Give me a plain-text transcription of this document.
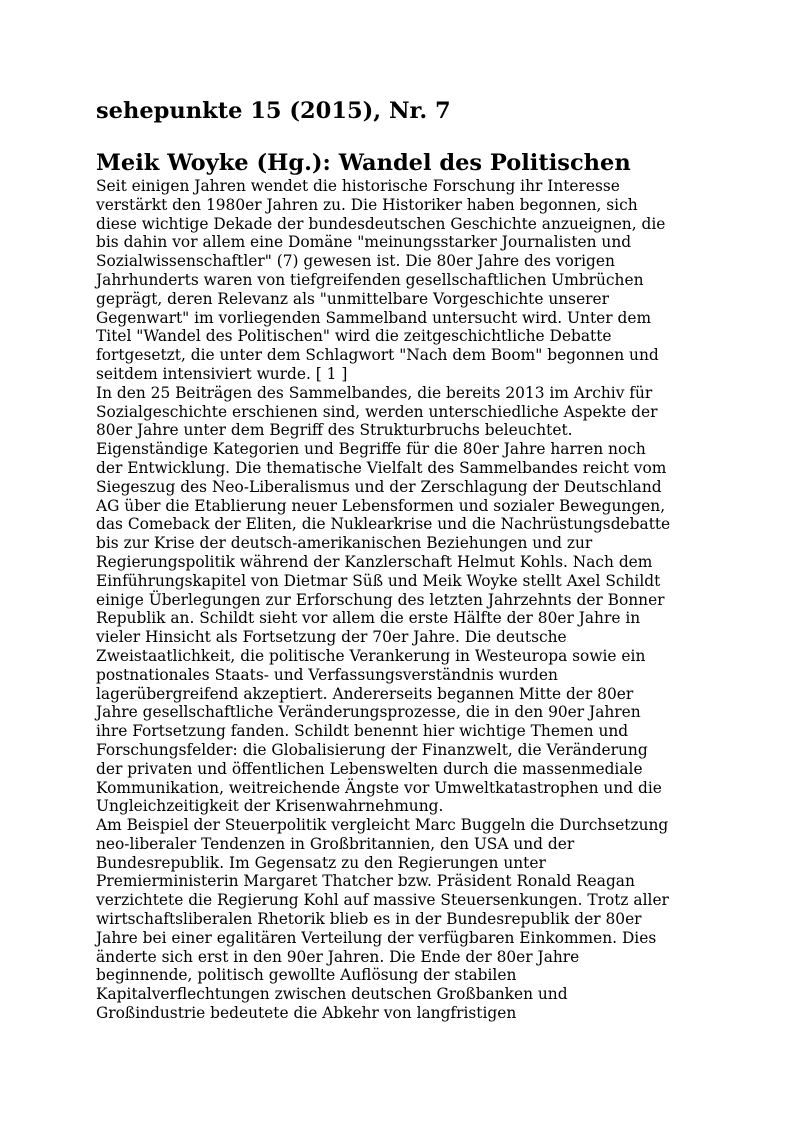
sehepunkte 15 (2015), Nr. 7
Meik Woyke (Hg.): Wandel des Politischen
Seit einigen Jahren wendet die historische Forschung ihr Interesse
verstärkt den 1980er Jahren zu. Die Historiker haben begonnen, sich
diese wichtige Dekade der bundesdeutschen Geschichte anzueignen, die
bis dahin vor allem eine Domäne "meinungsstarker Journalisten und
Sozialwissenschaftler" (7) gewesen ist. Die 80er Jahre des vorigen
Jahrhunderts waren von tiefgreifenden gesellschaftlichen Umbrüchen
geprägt, deren Relevanz als "unmittelbare Vorgeschichte unserer
Gegenwart" im vorliegenden Sammelband untersucht wird. Unter dem
Titel "Wandel des Politischen" wird die zeitgeschichtliche Debatte
fortgesetzt, die unter dem Schlagwort "Nach dem Boom" begonnen und
seitdem intensiviert wurde. [ 1 ]
In den 25 Beiträgen des Sammelbandes, die bereits 2013 im Archiv für
Sozialgeschichte erschienen sind, werden unterschiedliche Aspekte der
80er Jahre unter dem Begriff des Strukturbruchs beleuchtet.
Eigenständige Kategorien und Begriffe für die 80er Jahre harren noch
der Entwicklung. Die thematische Vielfalt des Sammelbandes reicht vom
Siegeszug des Neo-Liberalismus und der Zerschlagung der Deutschland
AG über die Etablierung neuer Lebensformen und sozialer Bewegungen,
das Comeback der Eliten, die Nuklearkrise und die Nachrüstungsdebatte
bis zur Krise der deutsch-amerikanischen Beziehungen und zur
Regierungspolitik während der Kanzlerschaft Helmut Kohls. Nach dem
Einführungskapitel von Dietmar Süß und Meik Woyke stellt Axel Schildt
einige Überlegungen zur Erforschung des letzten Jahrzehnts der Bonner
Republik an. Schildt sieht vor allem die erste Hälfte der 80er Jahre in
vieler Hinsicht als Fortsetzung der 70er Jahre. Die deutsche
Zweistaatlichkeit, die politische Verankerung in Westeuropa sowie ein
postnationales Staats- und Verfassungsverständnis wurden
lagerübergreifend akzeptiert. Andererseits begannen Mitte der 80er
Jahre gesellschaftliche Veränderungsprozesse, die in den 90er Jahren
ihre Fortsetzung fanden. Schildt benennt hier wichtige Themen und
Forschungsfelder: die Globalisierung der Finanzwelt, die Veränderung
der privaten und öffentlichen Lebenswelten durch die massenmediale
Kommunikation, weitreichende Ängste vor Umweltkatastrophen und die
Ungleichzeitigkeit der Krisenwahrnehmung.
Am Beispiel der Steuerpolitik vergleicht Marc Buggeln die Durchsetzung
neo-liberaler Tendenzen in Großbritannien, den USA und der
Bundesrepublik. Im Gegensatz zu den Regierungen unter
Premierministerin Margaret Thatcher bzw. Präsident Ronald Reagan
verzichtete die Regierung Kohl auf massive Steuersenkungen. Trotz aller
wirtschaftsliberalen Rhetorik blieb es in der Bundesrepublik der 80er
Jahre bei einer egalitären Verteilung der verfügbaren Einkommen. Dies
änderte sich erst in den 90er Jahren. Die Ende der 80er Jahre
beginnende, politisch gewollte Auflösung der stabilen
Kapitalverflechtungen zwischen deutschen Großbanken und
Großindustrie bedeutete die Abkehr von langfristigen
